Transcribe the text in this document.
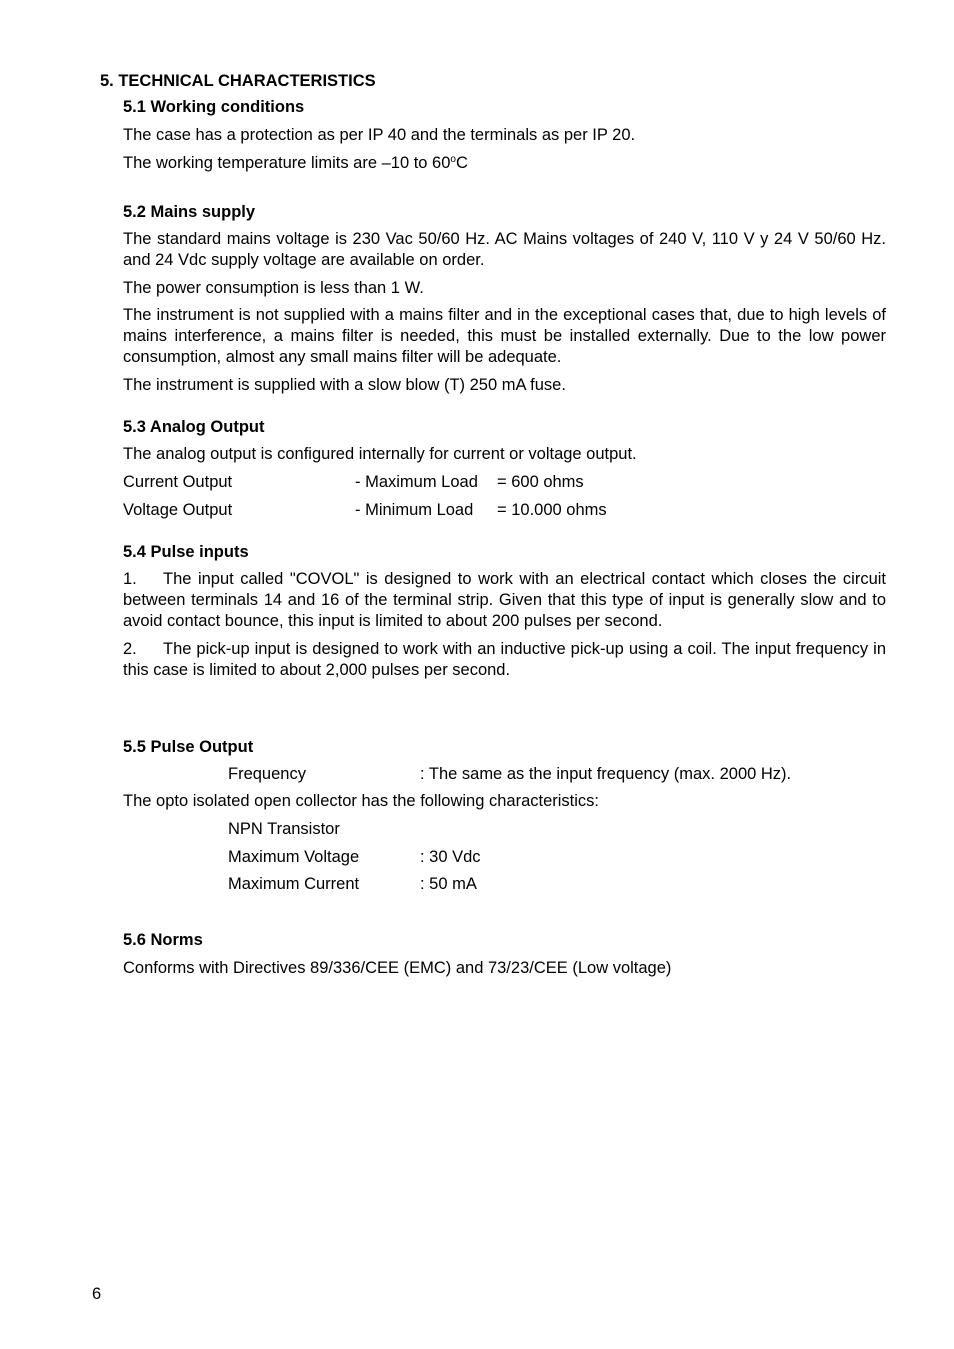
5. TECHNICAL CHARACTERISTICS
5.1 Working conditions
The case has a protection as per IP 40 and the terminals as per IP 20.
The working temperature limits are –10 to 60$^o$C
5.2 Mains supply
The standard mains voltage is 230 Vac 50/60 Hz. AC Mains voltages of 240 V, 110 V y 24 V 50/60 Hz. and 24 Vdc supply voltage are available on order.
The power consumption is less than 1 W.
The instrument is not supplied with a mains filter and in the exceptional cases that, due to high levels of mains interference, a mains filter is needed, this must be installed externally. Due to the low power consumption, almost any small mains filter will be adequate.
The instrument is supplied with a slow blow (T) 250 mA fuse.
5.3 Analog Output
The analog output is configured internally for current or voltage output.
Current Output	- Maximum Load = 600 ohms
Voltage Output	- Minimum Load = 10.000 ohms
5.4 Pulse inputs
1. The input called "COVOL" is designed to work with an electrical contact which closes the circuit between terminals 14 and 16 of the terminal strip. Given that this type of input is generally slow and to avoid contact bounce, this input is limited to about 200 pulses per second.
2. The pick-up input is designed to work with an inductive pick-up using a coil. The input frequency in this case is limited to about 2,000 pulses per second.
5.5 Pulse Output
Frequency	: The same as the input frequency (max. 2000 Hz).
The opto isolated open collector has the following characteristics:
NPN Transistor
Maximum Voltage	: 30 Vdc
Maximum Current	: 50 mA
5.6 Norms
Conforms with Directives 89/336/CEE (EMC) and 73/23/CEE (Low voltage)
6
